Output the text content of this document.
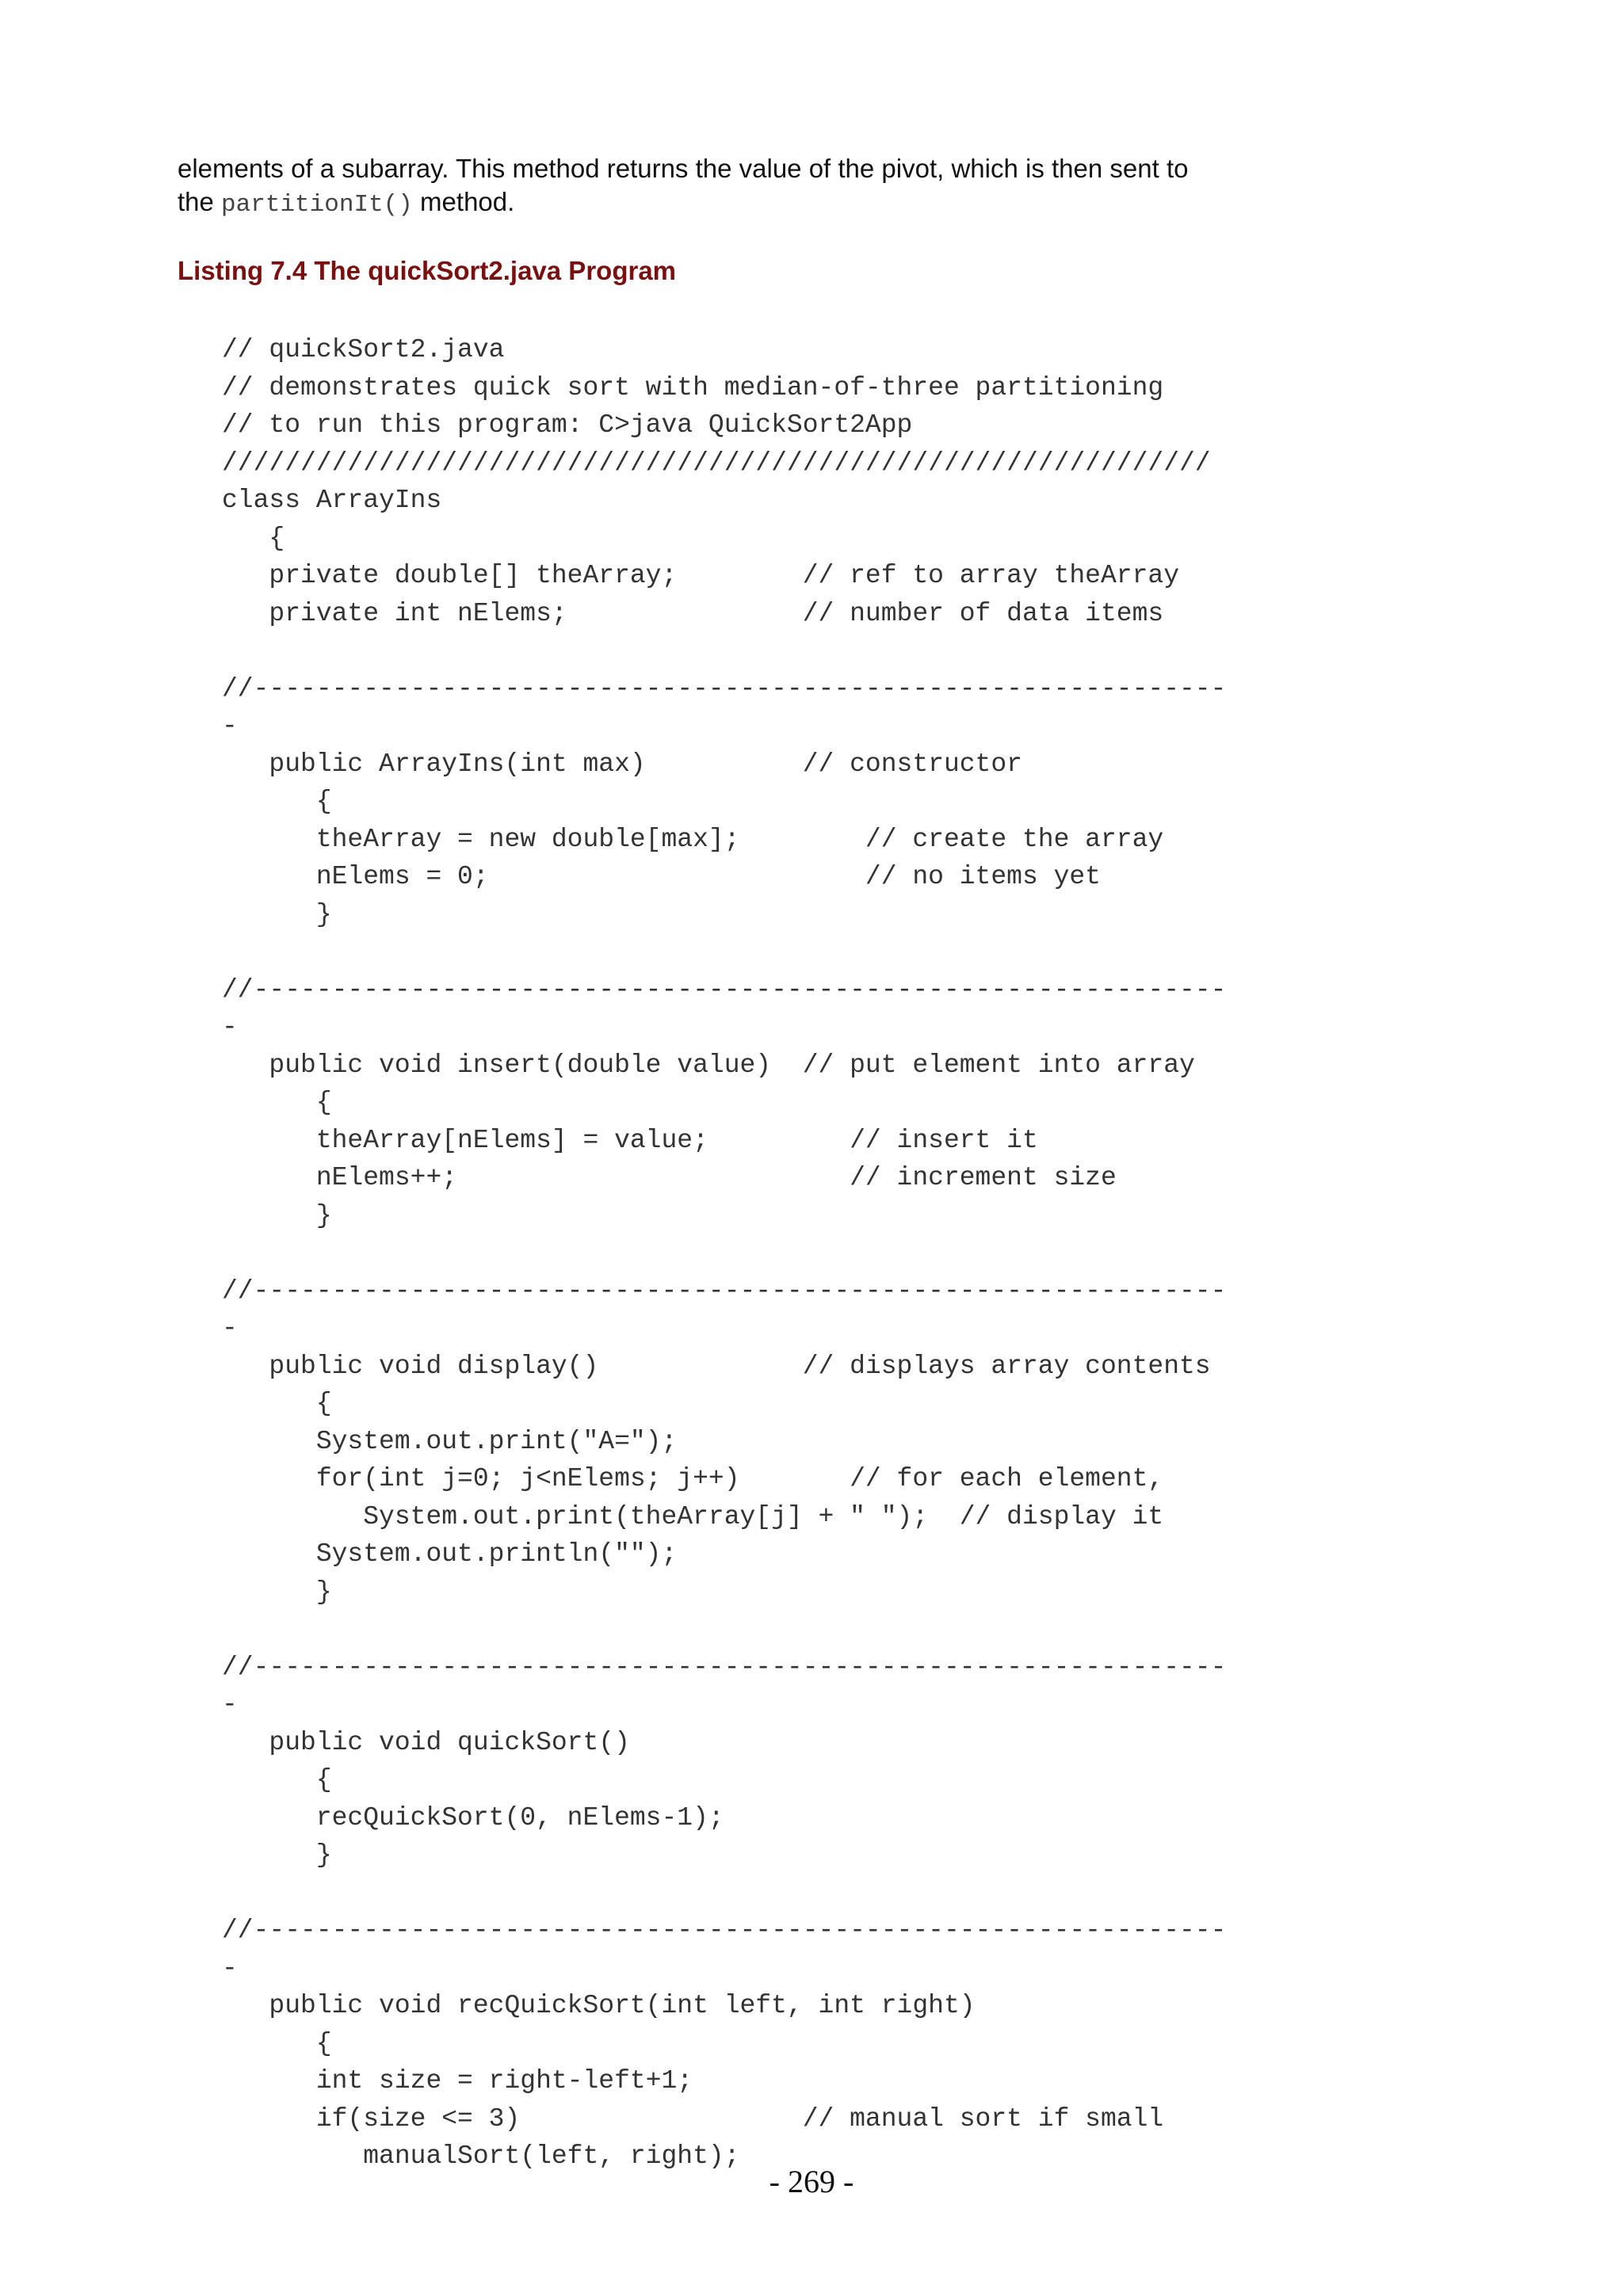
elements of a subarray. This method returns the value of the pivot, which is then sent to
the partitionIt() method.
Listing 7.4 The quickSort2.java Program
// quickSort2.java
// demonstrates quick sort with median-of-three partitioning
// to run this program: C>java QuickSort2App
///////////////////////////////////////////////////////////////
class ArrayIns
{
private double[] theArray;        // ref to array theArray
private int nElems;               // number of data items
//--------------------------------------------------------------
-
public ArrayIns(int max)          // constructor
{
theArray = new double[max];        // create the array
nElems = 0;                        // no items yet
}
//--------------------------------------------------------------
-
public void insert(double value)  // put element into array
{
theArray[nElems] = value;         // insert it
nElems++;                         // increment size
}
//--------------------------------------------------------------
-
public void display()             // displays array contents
{
System.out.print("A=");
for(int j=0; j<nElems; j++)       // for each element,
System.out.print(theArray[j] + " ");  // display it
System.out.println("");
}
//--------------------------------------------------------------
-
public void quickSort()
{
recQuickSort(0, nElems-1);
}
//--------------------------------------------------------------
-
public void recQuickSort(int left, int right)
{
int size = right-left+1;
if(size <= 3)                  // manual sort if small
manualSort(left, right);
- 269 -
